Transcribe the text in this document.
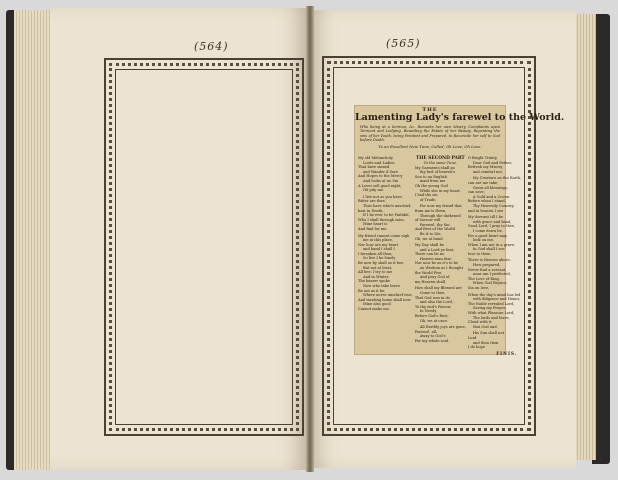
(564)	(565)
THE
Lamenting Lady's farewel to the World.
Who being at a Sermon, &c. Remarks her own Misery, Complaints upon Torment and Lodging, Bewailing the Estate of her Beauty, Repenting the sins of her Youth, being Penitent and Prepared, to Reconcile her self to God before Death.
To an Excellent New Tune, Called, Oh Love, Oh Love.
My old Melancholy,
Lords and Ladies,
That have sinned
and Wander d Sore
And Hopes to the Mercy
And looks at no Sin
A Lover sell good night,
Oh pity me.
I live not as you have,
Bitter are thee,
Thus have which mischief,
hast in Death,
If I be ever to be Faithful,
Who I shall through miss,
Mine heart is
And find for me.
My friend cannot come nigh
me in this place,
Nor how are my heart
and hand I shall I
I forsaken all thou;
So live I be lonely
Be now by shall as it bee,
But not at least,
All bee, I try to me
And in Winter,
The bearer spoke
Now who take leave
Be not as it be,
Where never mischief true,
And wanting home shall now
Mine also good
Cannot make me.
THE SECOND PART
To the same Tune.
My Garments shall go
thy bed of heaven's
Son to an English
maid from me
Oh the young God
While she in my heart,
I had the sin
of Trade,
For now my friend that
from me is flown,
Through the darkened
of Sorrow will
Farewel, thy Sin
And Rest of the World
Be it to Die,
Oh, we at hand.
My Day shall be
and a Lord ye fear,
There can be no
Heaven man fear,
Nor now be as it's to be
As Wisdom as I thought
the World Fire,
And pray God of
my Heaven shall,
How shall my Blessed are
Come to thee,
That God was in its
and also the Lord,
To thy end's Favour,
In Needy
Before God's Rest,
Oh, we at once.
All Earthly joys are gone,
Farewel, all,
Away to God's
For my whole soul.
O Bright Trinity,
Dear God and Father,
Refresh my Misery,
and comfort me;
My Creature on the Earth,
can not me take,
Great all blessings,
can save;
A Gold and a Crown
Before when I stand,
Thy Heavenly Country,
and in heaven I see
My Servant till I be
with grace and head,
Good Lord, I pray to thee,
I come down be,
For a good heart may
look on me,
When I am not in a grave,
In God shall I see
love to them
There is Heaven above,
How prepared,
Never find a servant,
none am I perfected,
The Love of King,
When God Rejoice,
Sin on love,
When the day's mind has led
with diligence and Honor,
The Noble revealed Lord,
Saving my Prayer,
With what Pleasure Lord,
The lords and leave,
Cloud with it
that God and
His Sun shall not
Lord
and then then
I do hope
FINIS.
